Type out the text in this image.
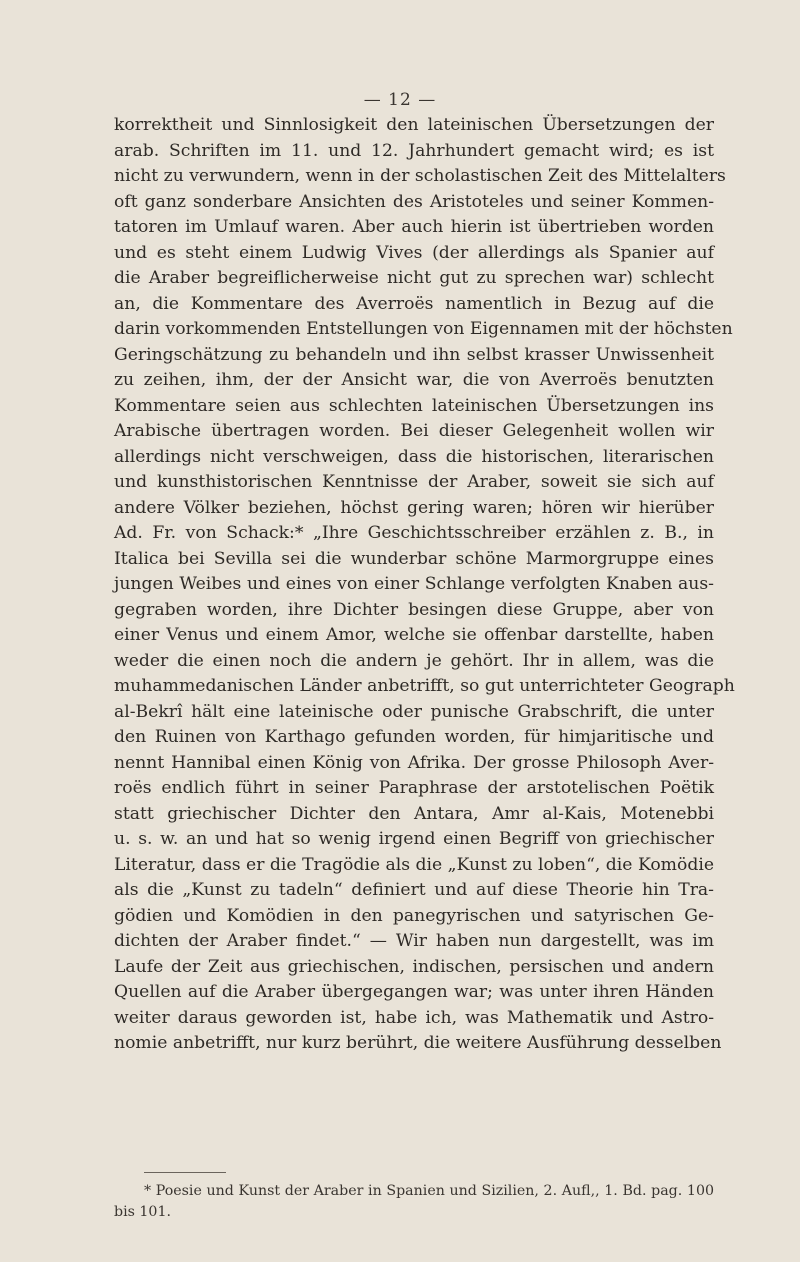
— 12 —
korrektheit und Sinnlosigkeit den lateinischen Übersetzungen der
arab. Schriften im 11. und 12. Jahrhundert gemacht wird; es ist
nicht zu verwundern, wenn in der scholastischen Zeit des Mittelalters
oft ganz sonderbare Ansichten des Aristoteles und seiner Kommen-
tatoren im Umlauf waren. Aber auch hierin ist übertrieben worden
und es steht einem Ludwig Vives (der allerdings als Spanier auf
die Araber begreiflicherweise nicht gut zu sprechen war) schlecht
an, die Kommentare des Averroës namentlich in Bezug auf die
darin vorkommenden Entstellungen von Eigennamen mit der höchsten
Geringschätzung zu behandeln und ihn selbst krasser Unwissenheit
zu zeihen, ihm, der der Ansicht war, die von Averroës benutzten
Kommentare seien aus schlechten lateinischen Übersetzungen ins
Arabische übertragen worden. Bei dieser Gelegenheit wollen wir
allerdings nicht verschweigen, dass die historischen, literarischen
und kunsthistorischen Kenntnisse der Araber, soweit sie sich auf
andere Völker beziehen, höchst gering waren; hören wir hierüber
Ad. Fr. von Schack:* „Ihre Geschichtsschreiber erzählen z. B., in
Italica bei Sevilla sei die wunderbar schöne Marmorgruppe eines
jungen Weibes und eines von einer Schlange verfolgten Knaben aus-
gegraben worden, ihre Dichter besingen diese Gruppe, aber von
einer Venus und einem Amor, welche sie offenbar darstellte, haben
weder die einen noch die andern je gehört. Ihr in allem, was die
muhammedanischen Länder anbetrifft, so gut unterrichteter Geograph
al-Bekrî hält eine lateinische oder punische Grabschrift, die unter
den Ruinen von Karthago gefunden worden, für himjaritische und
nennt Hannibal einen König von Afrika. Der grosse Philosoph Aver-
roës endlich führt in seiner Paraphrase der arstotelischen Poëtik
statt griechischer Dichter den Antara, Amr al-Kais, Motenebbi
u. s. w. an und hat so wenig irgend einen Begriff von griechischer
Literatur, dass er die Tragödie als die „Kunst zu loben“, die Komödie
als die „Kunst zu tadeln“ definiert und auf diese Theorie hin Tra-
gödien und Komödien in den panegyrischen und satyrischen Ge-
dichten der Araber findet.“ — Wir haben nun dargestellt, was im
Laufe der Zeit aus griechischen, indischen, persischen und andern
Quellen auf die Araber übergegangen war; was unter ihren Händen
weiter daraus geworden ist, habe ich, was Mathematik und Astro-
nomie anbetrifft, nur kurz berührt, die weitere Ausführung desselben
* Poesie und Kunst der Araber in Spanien und Sizilien, 2. Aufl,, 1. Bd. pag. 100
bis 101.
